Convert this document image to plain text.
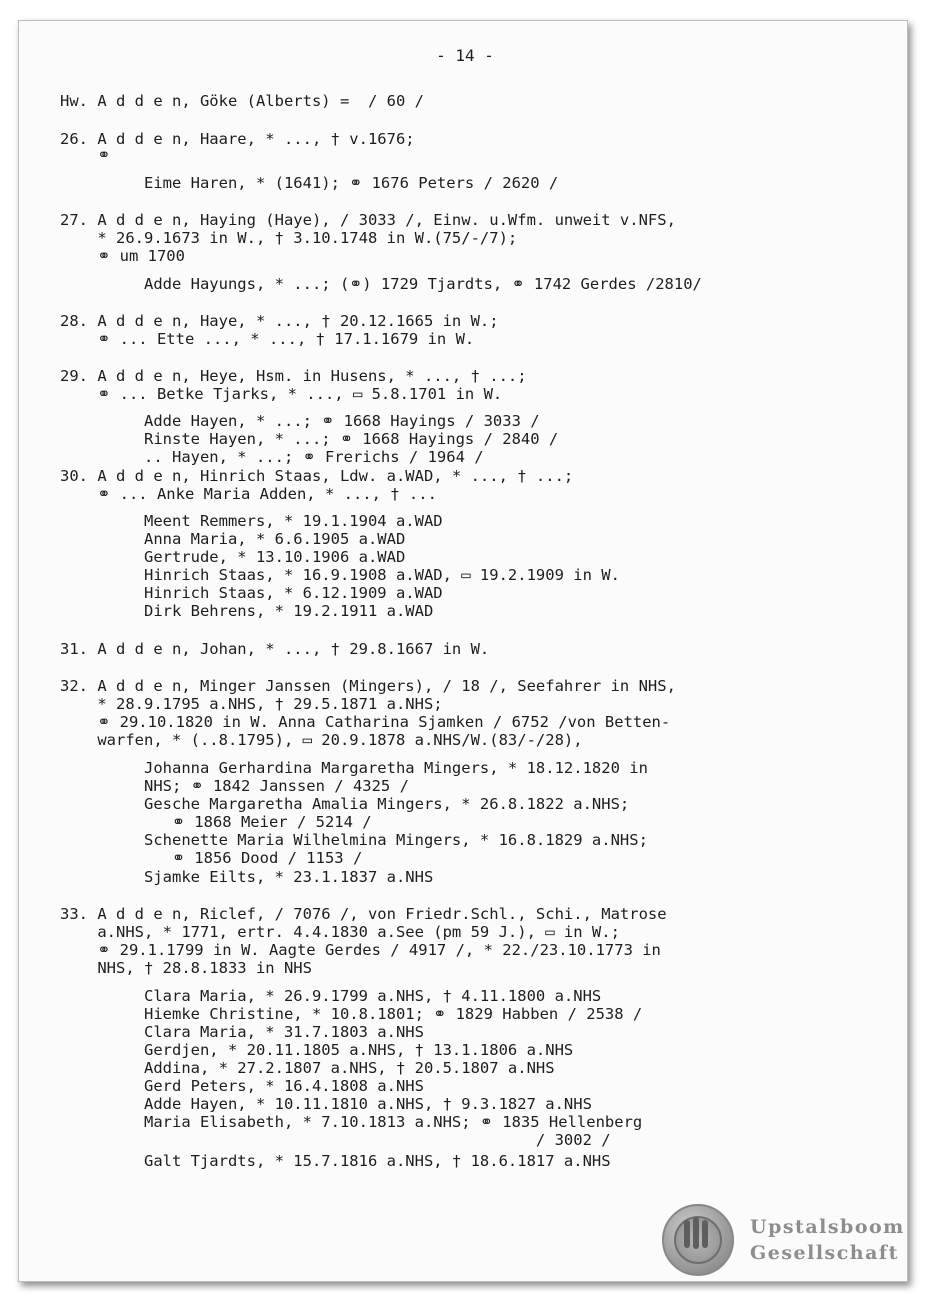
- 14 -
Hw. A d d e n, Göke (Alberts) =  / 60 /
26. A d d e n, Haare, * ..., † v.1676;
⚭
Eime Haren, * (1641); ⚭ 1676 Peters / 2620 /
27. A d d e n, Haying (Haye), / 3033 /, Einw. u.Wfm. unweit v.NFS,
* 26.9.1673 in W., † 3.10.1748 in W.(75/-/7);
⚭ um 1700
Adde Hayungs, * ...; (⚭) 1729 Tjardts, ⚭ 1742 Gerdes /2810/
28. A d d e n, Haye, * ..., † 20.12.1665 in W.;
⚭ ... Ette ..., * ..., † 17.1.1679 in W.
29. A d d e n, Heye, Hsm. in Husens, * ..., † ...;
⚭ ... Betke Tjarks, * ..., ▭ 5.8.1701 in W.
Adde Hayen, * ...; ⚭ 1668 Hayings / 3033 /
Rinste Hayen, * ...; ⚭ 1668 Hayings / 2840 /
.. Hayen, * ...; ⚭ Frerichs / 1964 /
30. A d d e n, Hinrich Staas, Ldw. a.WAD, * ..., † ...;
⚭ ... Anke Maria Adden, * ..., † ...
Meent Remmers, * 19.1.1904 a.WAD
Anna Maria, * 6.6.1905 a.WAD
Gertrude, * 13.10.1906 a.WAD
Hinrich Staas, * 16.9.1908 a.WAD, ▭ 19.2.1909 in W.
Hinrich Staas, * 6.12.1909 a.WAD
Dirk Behrens, * 19.2.1911 a.WAD
31. A d d e n, Johan, * ..., † 29.8.1667 in W.
32. A d d e n, Minger Janssen (Mingers), / 18 /, Seefahrer in NHS,
* 28.9.1795 a.NHS, † 29.5.1871 a.NHS;
⚭ 29.10.1820 in W. Anna Catharina Sjamken / 6752 /von Betten-
warfen, * (..8.1795), ▭ 20.9.1878 a.NHS/W.(83/-/28),
Johanna Gerhardina Margaretha Mingers, * 18.12.1820 in
NHS; ⚭ 1842 Janssen / 4325 /
Gesche Margaretha Amalia Mingers, * 26.8.1822 a.NHS;
⚭ 1868 Meier / 5214 /
Schenette Maria Wilhelmina Mingers, * 16.8.1829 a.NHS;
⚭ 1856 Dood / 1153 /
Sjamke Eilts, * 23.1.1837 a.NHS
33. A d d e n, Riclef, / 7076 /, von Friedr.Schl., Schi., Matrose
a.NHS, * 1771, ertr. 4.4.1830 a.See (pm 59 J.), ▭ in W.;
⚭ 29.1.1799 in W. Aagte Gerdes / 4917 /, * 22./23.10.1773 in
NHS, † 28.8.1833 in NHS
Clara Maria, * 26.9.1799 a.NHS, † 4.11.1800 a.NHS
Hiemke Christine, * 10.8.1801; ⚭ 1829 Habben / 2538 /
Clara Maria, * 31.7.1803 a.NHS
Gerdjen, * 20.11.1805 a.NHS, † 13.1.1806 a.NHS
Addina, * 27.2.1807 a.NHS, † 20.5.1807 a.NHS
Gerd Peters, * 16.4.1808 a.NHS
Adde Hayen, * 10.11.1810 a.NHS, † 9.3.1827 a.NHS
Maria Elisabeth, * 7.10.1813 a.NHS; ⚭ 1835 Hellenberg
/ 3002 /
Galt Tjardts, * 15.7.1816 a.NHS, † 18.6.1817 a.NHS
Upstalsboom
Gesellschaft
